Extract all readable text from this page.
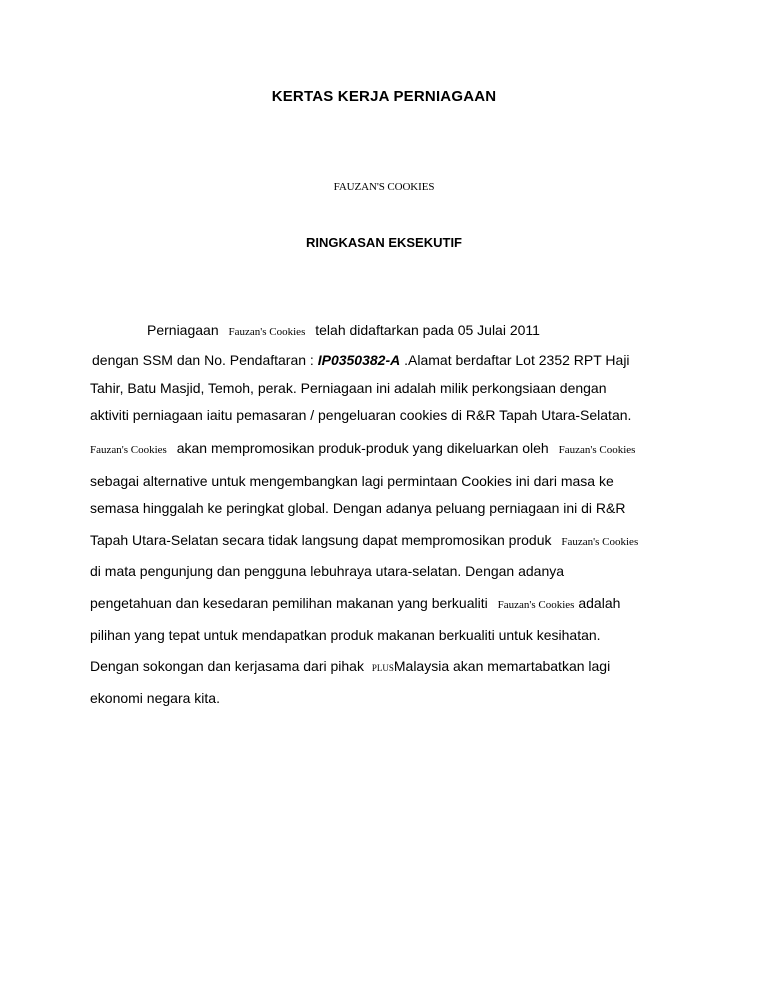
KERTAS KERJA PERNIAGAAN
FAUZAN'S COOKIES
RINGKASAN EKSEKUTIF
Perniagaan Fauzan's Cookies telah didaftarkan pada 05 Julai 2011
dengan SSM dan No. Pendaftaran : IP0350382-A .Alamat berdaftar Lot 2352 RPT Haji
Tahir, Batu Masjid, Temoh, perak. Perniagaan ini adalah milik perkongsiaan dengan
aktiviti perniagaan iaitu pemasaran / pengeluaran cookies di R&R Tapah Utara-Selatan.
Fauzan's Cookies akan mempromosikan produk-produk yang dikeluarkan oleh Fauzan's Cookies
sebagai alternative untuk mengembangkan lagi permintaan Cookies ini dari masa ke
semasa hinggalah ke peringkat global. Dengan adanya peluang perniagaan ini di R&R
Tapah Utara-Selatan secara tidak langsung dapat mempromosikan produk Fauzan's Cookies
di mata pengunjung dan pengguna lebuhraya utara-selatan. Dengan adanya
pengetahuan dan kesedaran pemilihan makanan yang berkualiti Fauzan's Cookies adalah
pilihan yang tepat untuk mendapatkan produk makanan berkualiti untuk kesihatan.
Dengan sokongan dan kerjasama dari pihak PLUSMalaysia akan memartabatkan lagi
ekonomi negara kita.
